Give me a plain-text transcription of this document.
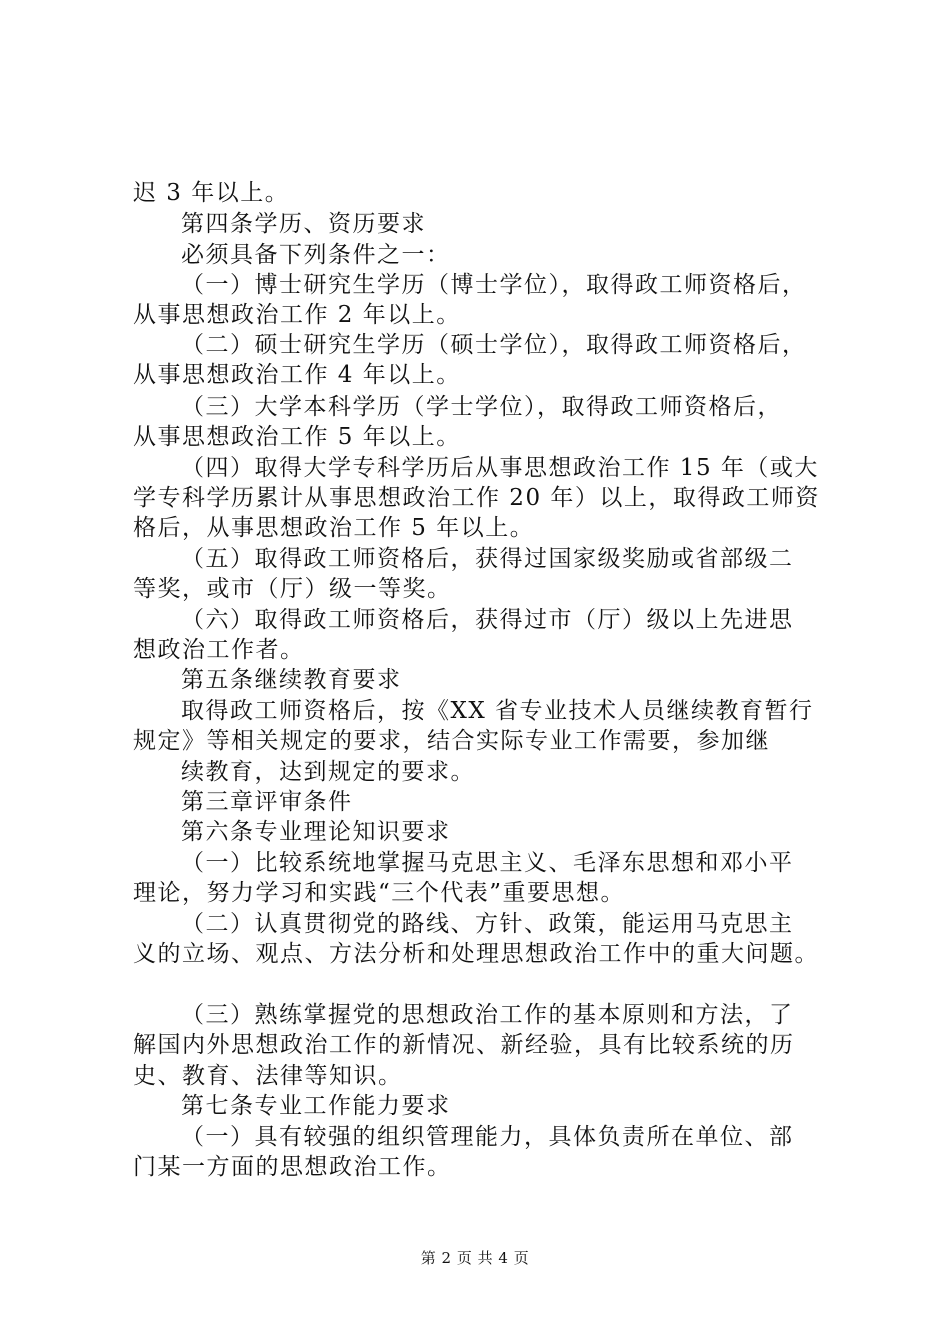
迟 3 年以上。
第四条学历、资历要求
必须具备下列条件之一：
（一）博士研究生学历（博士学位），取得政工师资格后，
从事思想政治工作 2 年以上。
（二）硕士研究生学历（硕士学位），取得政工师资格后，
从事思想政治工作 4 年以上。
（三）大学本科学历（学士学位），取得政工师资格后，
从事思想政治工作 5 年以上。
（四）取得大学专科学历后从事思想政治工作 15 年（或大
学专科学历累计从事思想政治工作 20 年）以上，取得政工师资
格后，从事思想政治工作 5 年以上。
（五）取得政工师资格后，获得过国家级奖励或省部级二
等奖，或市（厅）级一等奖。
（六）取得政工师资格后，获得过市（厅）级以上先进思
想政治工作者。
第五条继续教育要求
取得政工师资格后，按《XX 省专业技术人员继续教育暂行
规定》等相关规定的要求，结合实际专业工作需要，参加继
续教育，达到规定的要求。
第三章评审条件
第六条专业理论知识要求
（一）比较系统地掌握马克思主义、毛泽东思想和邓小平
理论，努力学习和实践“三个代表”重要思想。
（二）认真贯彻党的路线、方针、政策，能运用马克思主
义的立场、观点、方法分析和处理思想政治工作中的重大问题。
（三）熟练掌握党的思想政治工作的基本原则和方法，了
解国内外思想政治工作的新情况、新经验，具有比较系统的历
史、教育、法律等知识。
第七条专业工作能力要求
（一）具有较强的组织管理能力，具体负责所在单位、部
门某一方面的思想政治工作。
第 2 页 共 4 页
